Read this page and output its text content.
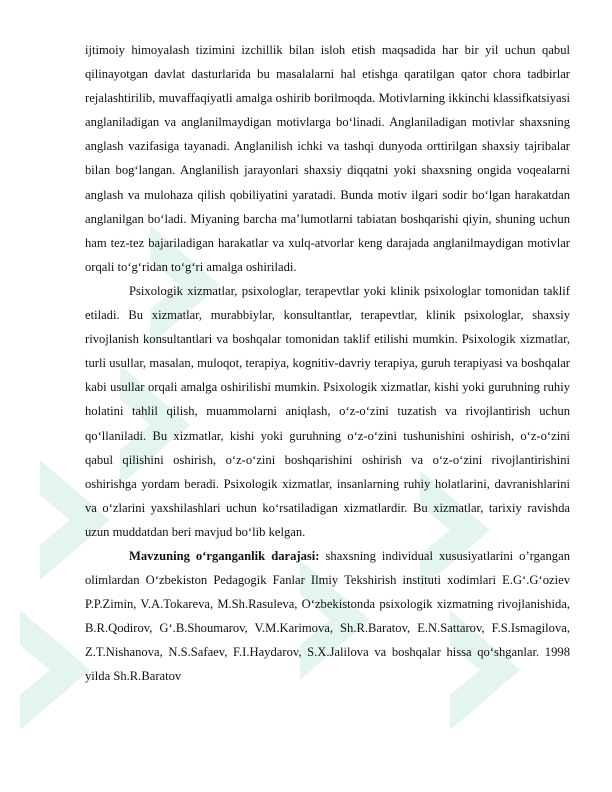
ijtimoiy himoyalash tizimini izchillik bilan isloh etish maqsadida har bir yil uchun qabul qilinayotgan davlat dasturlarida bu masalalarni hal etishga qaratilgan qator chora tadbirlar rejalashtirilib, muvaffaqiyatli amalga oshirib borilmoqda. Motivlarning ikkinchi klassifkatsiyasi anglaniladigan va anglanilmaydigan motivlarga bo‘linadi. Anglaniladigan motivlar shaxsning anglash vazifasiga tayanadi. Anglanilish ichki va tashqi dunyoda orttirilgan shaxsiy tajribalar bilan bog‘langan. Anglanilish jarayonlari shaxsiy diqqatni yoki shaxsning ongida voqealarni anglash va mulohaza qilish qobiliyatini yaratadi. Bunda motiv ilgari sodir bo‘lgan harakatdan anglanilgan bo‘ladi. Miyaning barcha ma’lumotlarni tabiatan boshqarishi qiyin, shuning uchun ham tez-tez bajariladigan harakatlar va xulq-atvorlar keng darajada anglanilmaydigan motivlar orqali to‘g‘ridan to‘g‘ri amalga oshiriladi.

Psixologik xizmatlar, psixologlar, terapevtlar yoki klinik psixologlar tomonidan taklif etiladi. Bu xizmatlar, murabbiylar, konsultantlar, terapevtlar, klinik psixologlar, shaxsiy rivojlanish konsultantlari va boshqalar tomonidan taklif etilishi mumkin. Psixologik xizmatlar, turli usullar, masalan, muloqot, terapiya, kognitiv-davriy terapiya, guruh terapiyasi va boshqalar kabi usullar orqali amalga oshirilishi mumkin. Psixologik xizmatlar, kishi yoki guruhning ruhiy holatini tahlil qilish, muammolarni aniqlash, o‘z-o‘zini tuzatish va rivojlantirish uchun qo‘llaniladi. Bu xizmatlar, kishi yoki guruhning o‘z-o‘zini tushunishini oshirish, o‘z-o‘zini qabul qilishini oshirish, o‘z-o‘zini boshqarishini oshirish va o‘z-o‘zini rivojlantirishini oshirishga yordam beradi. Psixologik xizmatlar, insanlarning ruhiy holatlarini, davranishlarini va o‘zlarini yaxshilashlari uchun ko‘rsatiladigan xizmatlardir. Bu xizmatlar, tarixiy ravishda uzun muddatdan beri mavjud bo‘lib kelgan.

Mavzuning o‘rganganlik darajasi: shaxsning individual xususiyatlarini o’rgangan olimlardan O‘zbekiston Pedagogik Fanlar Ilmiy Tekshirish instituti xodimlari E.G‘.G‘oziev P.P.Zimin, V.A.Tokareva, M.Sh.Rasuleva, O‘zbekistonda psixologik xizmatning rivojlanishida, B.R.Qodirov, G‘.B.Shoumarov, V.M.Karimova, Sh.R.Baratov, E.N.Sattarov, F.S.Ismagilova, Z.T.Nishanova, N.S.Safaev, F.I.Haydarov, S.X.Jalilova va boshqalar hissa qo‘shganlar. 1998 yilda Sh.R.Baratov
